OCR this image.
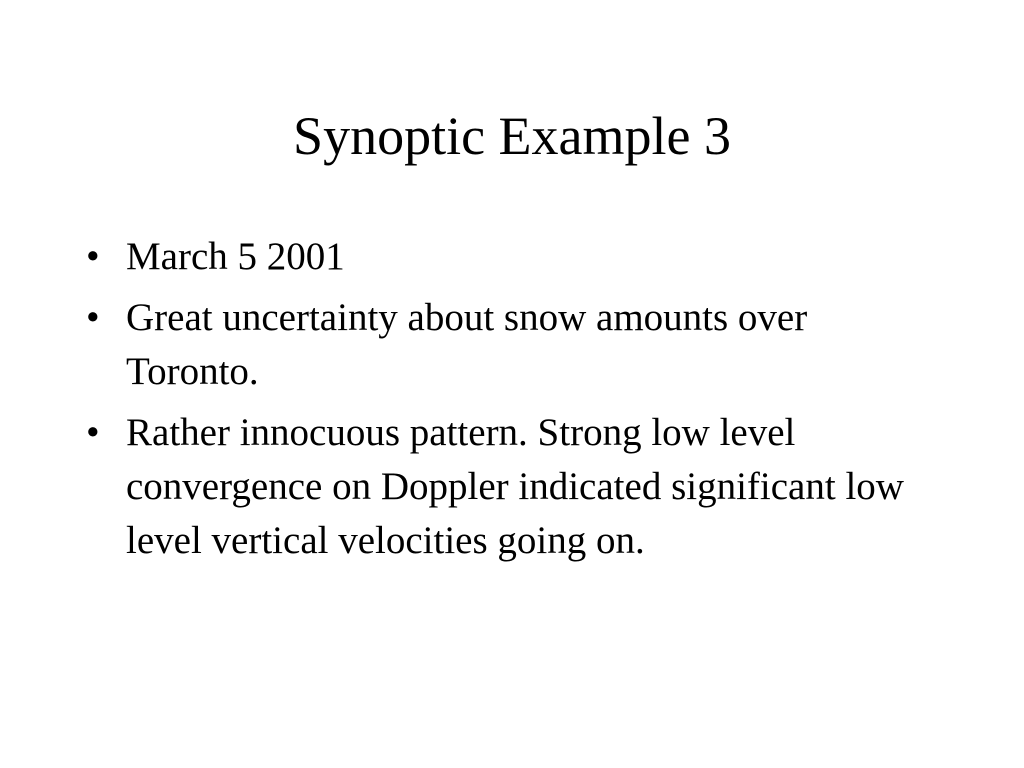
Synoptic Example 3
• March 5 2001
• Great uncertainty about snow amounts over Toronto.
• Rather innocuous pattern. Strong low level convergence on Doppler indicated significant low level vertical velocities going on.
